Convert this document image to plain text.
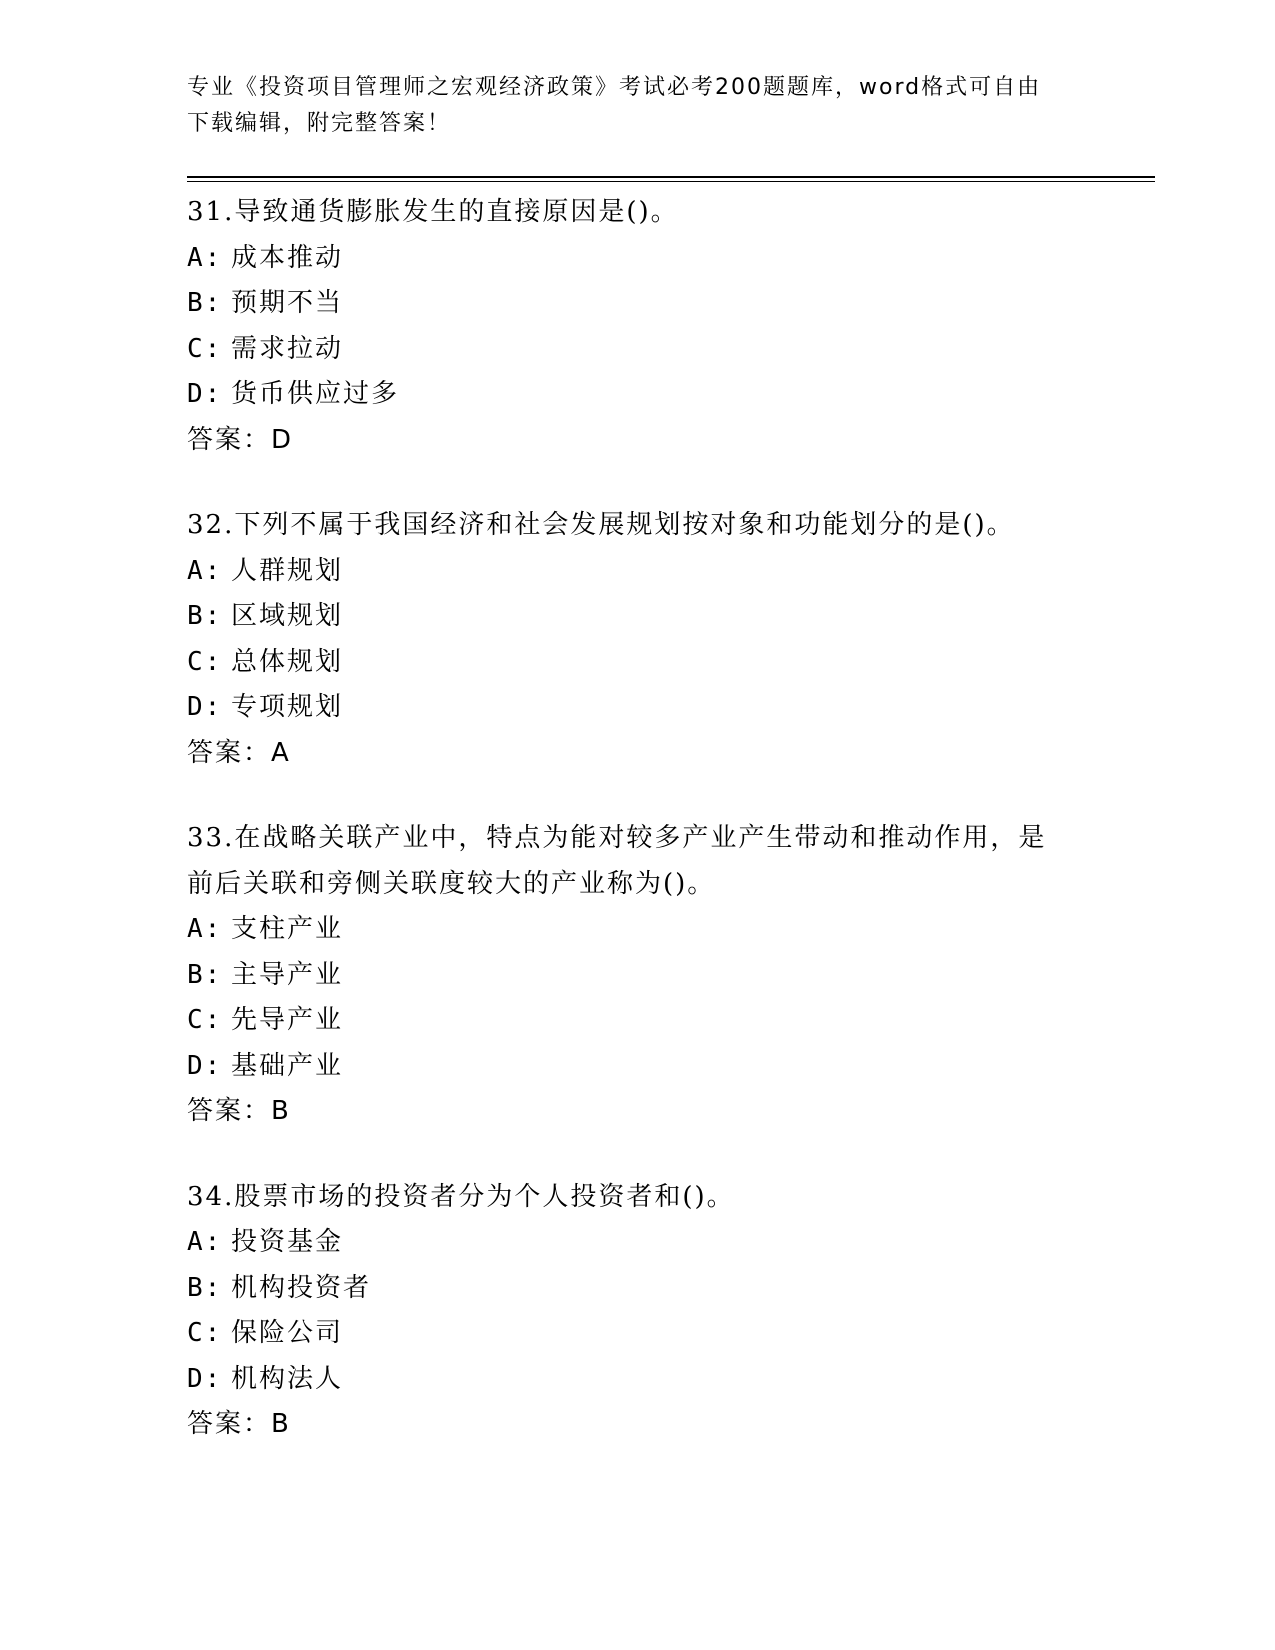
专业《投资项目管理师之宏观经济政策》考试必考200题题库，word格式可自由
下载编辑，附完整答案！
31.导致通货膨胀发生的直接原因是()。
A: 成本推动
B: 预期不当
C: 需求拉动
D: 货币供应过多
答案：D
32.下列不属于我国经济和社会发展规划按对象和功能划分的是()。
A: 人群规划
B: 区域规划
C: 总体规划
D: 专项规划
答案：A
33.在战略关联产业中，特点为能对较多产业产生带动和推动作用，是
前后关联和旁侧关联度较大的产业称为()。
A: 支柱产业
B: 主导产业
C: 先导产业
D: 基础产业
答案：B
34.股票市场的投资者分为个人投资者和()。
A: 投资基金
B: 机构投资者
C: 保险公司
D: 机构法人
答案：B
